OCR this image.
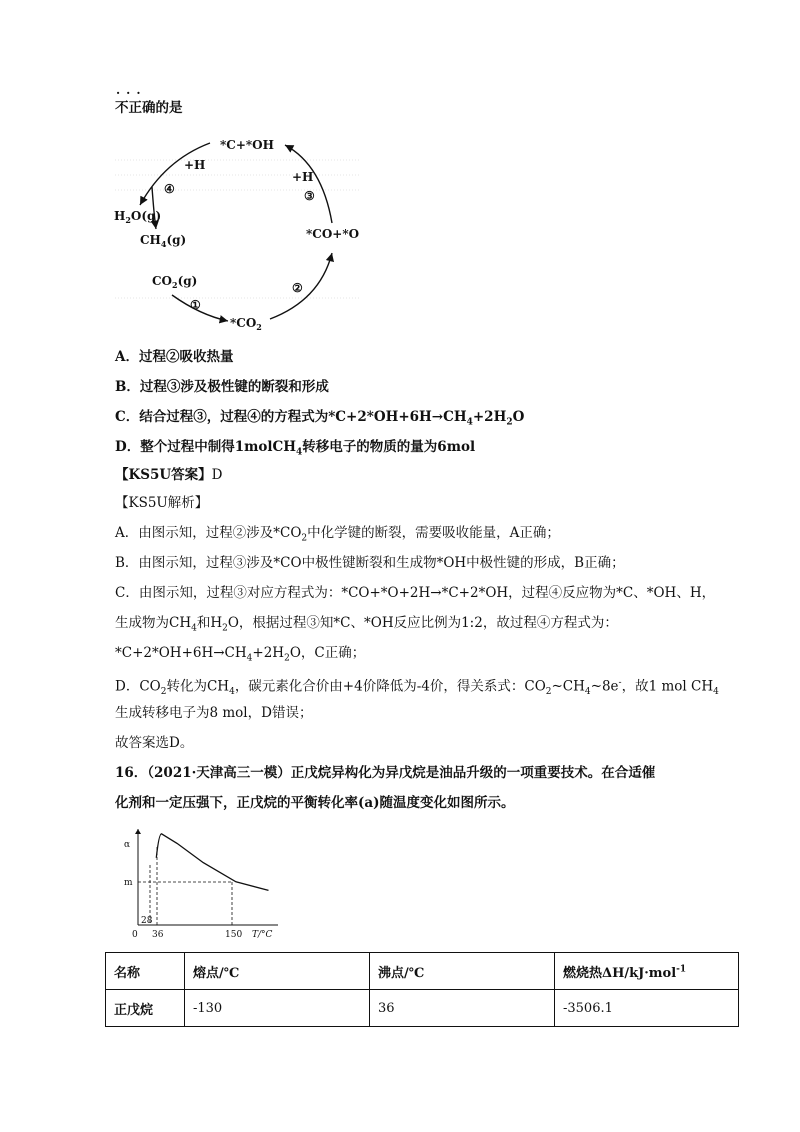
···
不正确的是
*C+*OH
*CO+*O
$*CO_2$
$CO_2(g)$
$H_2O(g)$
$CH_4(g)$
①
②
③
④
+H
+H
A．过程②吸收热量
B．过程③涉及极性键的断裂和形成
C．结合过程③，过程④的方程式为$*C+2*OH+6H\to CH_4+2H_2O$
D．整个过程中制得1molCH$_4$转移电子的物质的量为6mol
【KS5U答案】D
【KS5U解析】
A．由图示知，过程②涉及$*CO_2$中化学键的断裂，需要吸收能量，A正确；
B．由图示知，过程③涉及*CO中极性键断裂和生成物*OH中极性键的形成，B正确；
C．由图示知，过程③对应方程式为：*CO+*O+2H→*C+2*OH，过程④反应物为*C、*OH、H，
生成物为$CH_4$和$H_2O$，根据过程③知*C、*OH反应比例为1:2，故过程④方程式为：
$*C+2*OH+6H\to CH_4+2H_2O$，C正确；
D．$CO_2$转化为$CH_4$，碳元素化合价由+4价降低为-4价，得关系式：$CO_2\sim CH_4\sim 8e^-$，故1 mol $CH_4$
生成转移电子为8 mol，D错误；
故答案选D。
16．（2021·天津高三一模）正戊烷异构化为异戊烷是油品升级的一项重要技术。在合适催
化剂和一定压强下，正戊烷的平衡转化率(a)随温度变化如图所示。
α
m
28
0 36	150 T/°C
名称	熔点/℃	沸点/℃	燃烧热ΔH/kJ·mol$^{-1}$
正戊烷	-130	36	-3506.1
